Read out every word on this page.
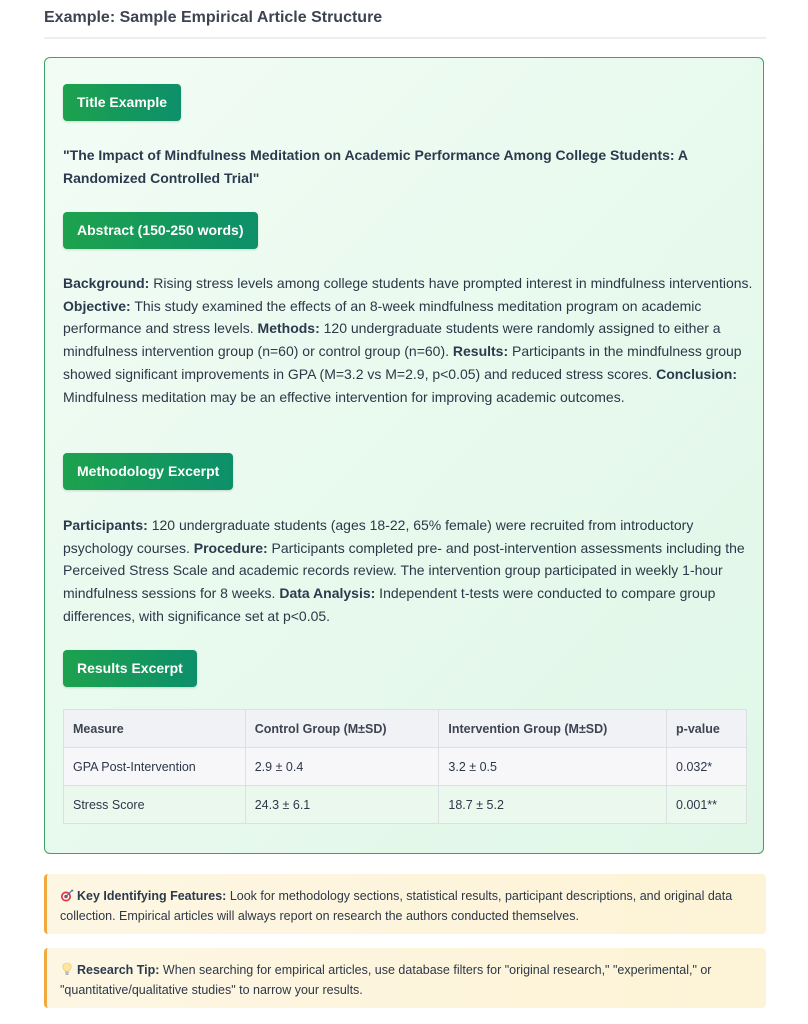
Example: Sample Empirical Article Structure
Title Example
"The Impact of Mindfulness Meditation on Academic Performance Among College Students: A Randomized Controlled Trial"
Abstract (150-250 words)
Background: Rising stress levels among college students have prompted interest in mindfulness interventions. Objective: This study examined the effects of an 8-week mindfulness meditation program on academic performance and stress levels. Methods: 120 undergraduate students were randomly assigned to either a mindfulness intervention group (n=60) or control group (n=60). Results: Participants in the mindfulness group showed significant improvements in GPA (M=3.2 vs M=2.9, p<0.05) and reduced stress scores. Conclusion: Mindfulness meditation may be an effective intervention for improving academic outcomes.
Methodology Excerpt
Participants: 120 undergraduate students (ages 18-22, 65% female) were recruited from introductory psychology courses. Procedure: Participants completed pre- and post-intervention assessments including the Perceived Stress Scale and academic records review. The intervention group participated in weekly 1-hour mindfulness sessions for 8 weeks. Data Analysis: Independent t-tests were conducted to compare group differences, with significance set at p<0.05.
Results Excerpt
Measure	Control Group (M±SD)	Intervention Group (M±SD)	p-value
GPA Post-Intervention	2.9 ± 0.4	3.2 ± 0.5	0.032*
Stress Score	24.3 ± 6.1	18.7 ± 5.2	0.001**
Key Identifying Features: Look for methodology sections, statistical results, participant descriptions, and original data collection. Empirical articles will always report on research the authors conducted themselves.
Research Tip: When searching for empirical articles, use database filters for "original research," "experimental," or "quantitative/qualitative studies" to narrow your results.
